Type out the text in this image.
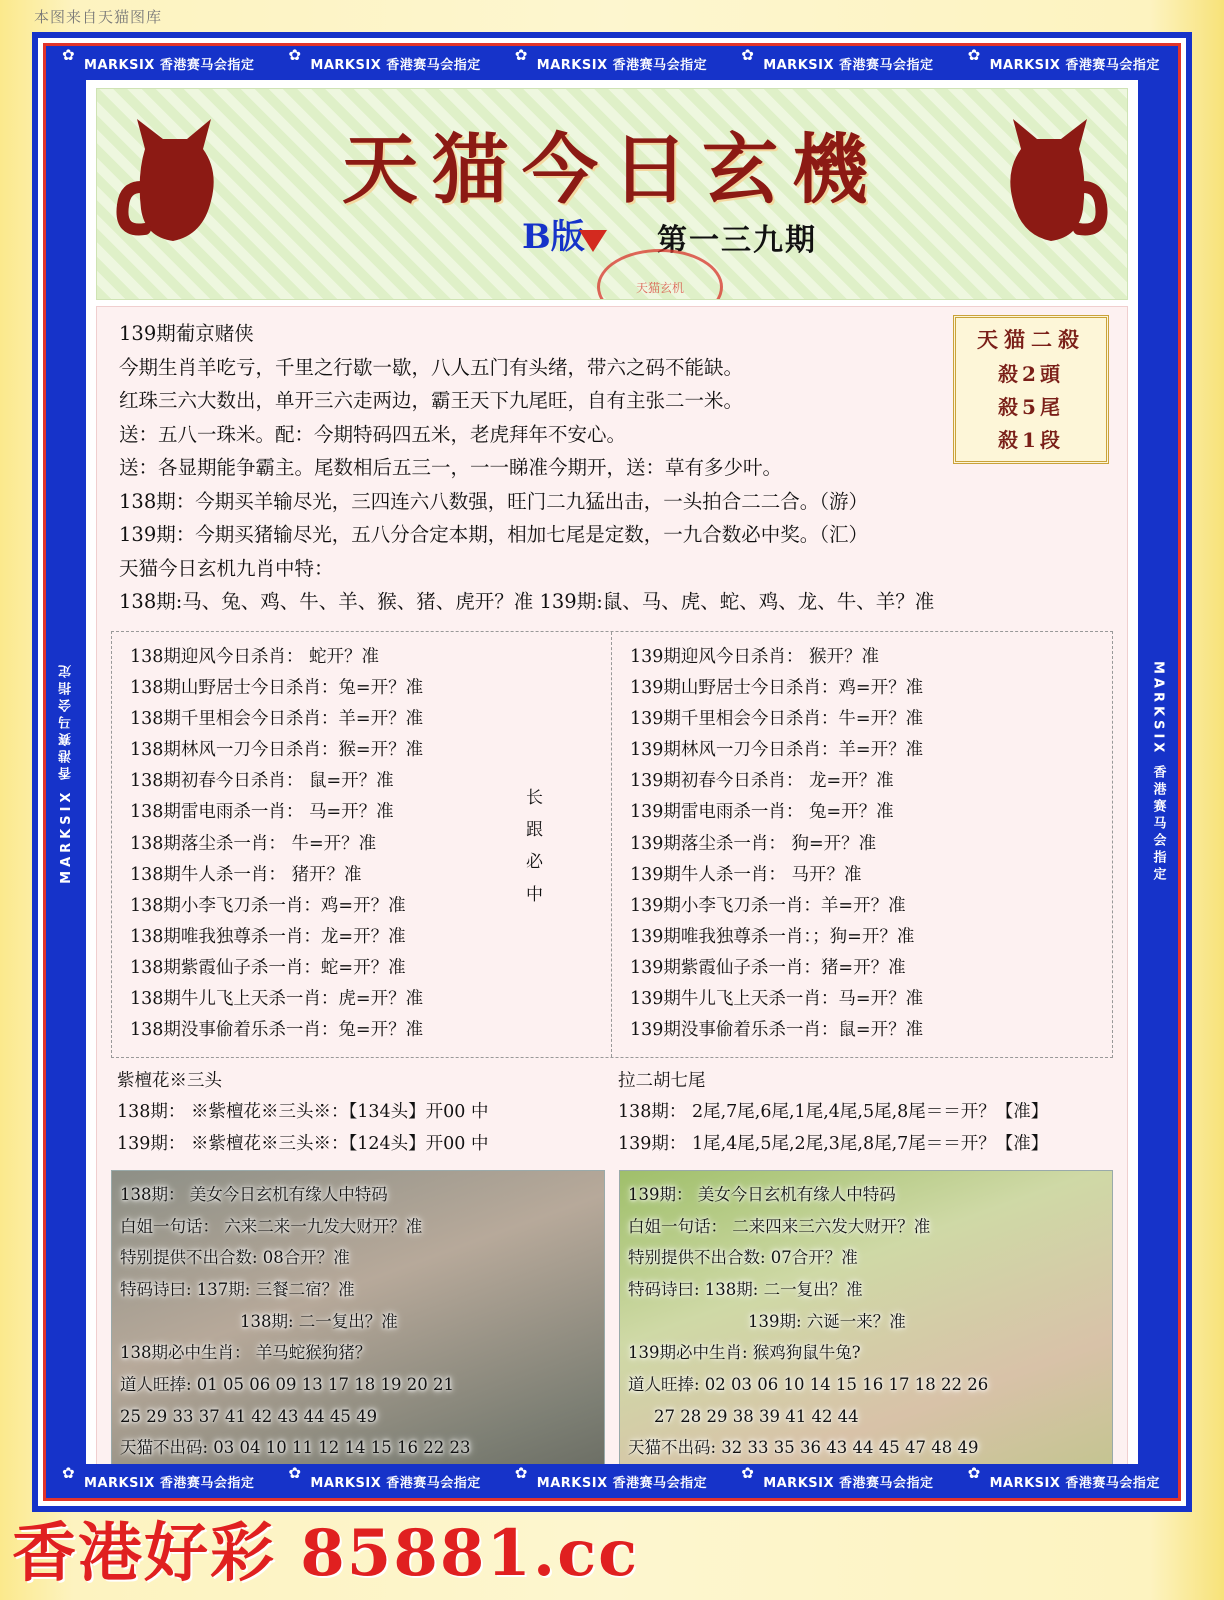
本图来自天猫图库
✿
MARKSIX 香港赛马会指定 ✿	MARKSIX 香港赛马会指定 ✿	MARKSIX 香港赛马会指定 ✿	MARKSIX 香港赛马会指定 ✿	MARKSIX 香港赛马会指定
✿
MARKSIX 香港赛马会指定 ✿	MARKSIX 香港赛马会指定 ✿	MARKSIX 香港赛马会指定 ✿	MARKSIX 香港赛马会指定 ✿	MARKSIX 香港赛马会指定
MARKSIX 香港赛马会指定	MARKSIX 香港赛马会指定
天猫今日玄機
B版	第一三九期
天猫玄机
天猫二殺
殺2頭
殺5尾
殺1段
139期葡京赌侠
今期生肖羊吃亏，千里之行歇一歇，八人五门有头绪，带六之码不能缺。
红珠三六大数出，单开三六走两边，霸王天下九尾旺，自有主张二一米。
送：五八一珠米。配：今期特码四五米，老虎拜年不安心。
送：各显期能争霸主。尾数相后五三一，一一睇准今期开，送：草有多少叶。
138期：今期买羊输尽光，三四连六八数强，旺门二九猛出击，一头拍合二二合。（游）
139期：今期买猪输尽光，五八分合定本期，相加七尾是定数，一九合数必中奖。（汇）
天猫今日玄机九肖中特：
138期:马、兔、鸡、牛、羊、猴、猪、虎开？准 139期:鼠、马、虎、蛇、鸡、龙、牛、羊？准
138期迎风今日杀肖： 蛇开？准
138期山野居士今日杀肖：兔=开？准
138期千里相会今日杀肖：羊=开？准
138期林风一刀今日杀肖：猴=开？准
138期初春今日杀肖： 鼠=开？准
138期雷电雨杀一肖： 马=开？准
138期落尘杀一肖： 牛=开？准
138期牛人杀一肖： 猪开？准
138期小李飞刀杀一肖：鸡=开？准
138期唯我独尊杀一肖：龙=开？准
138期紫霞仙子杀一肖：蛇=开？准
138期牛儿飞上天杀一肖：虎=开？准
138期没事偷着乐杀一肖：兔=开？准
139期迎风今日杀肖： 猴开？准
139期山野居士今日杀肖：鸡=开？准
139期千里相会今日杀肖：牛=开？准
139期林风一刀今日杀肖：羊=开？准
139期初春今日杀肖： 龙=开？准
139期雷电雨杀一肖： 兔=开？准
139期落尘杀一肖： 狗=开？准
139期牛人杀一肖： 马开？准
139期小李飞刀杀一肖：羊=开？准
139期唯我独尊杀一肖：；狗=开？准
139期紫霞仙子杀一肖：猪=开？准
139期牛儿飞上天杀一肖：马=开？准
139期没事偷着乐杀一肖：鼠=开？准
长
跟
必
中
紫檀花※三头
138期： ※紫檀花※三头※：【134头】开00 中
139期： ※紫檀花※三头※：【124头】开00 中
拉二胡七尾
138期： 2尾,7尾,6尾,1尾,4尾,5尾,8尾＝＝开？【准】
139期： 1尾,4尾,5尾,2尾,3尾,8尾,7尾＝＝开？【准】
138期： 美女今日玄机有缘人中特码
白姐一句话： 六来二来一九发大财开？准
特别提供不出合数: 08合开？准
特码诗曰: 137期: 三餐二宿？准
138期: 二一复出？准
138期必中生肖： 羊马蛇猴狗猪？
道人旺捧: 01 05 06 09 13 17 18 19 20 21
25 29 33 37 41 42 43 44 45 49
天猫不出码: 03 04 10 11 12 14 15 16 22 23
139期： 美女今日玄机有缘人中特码
白姐一句话： 二来四来三六发大财开？准
特别提供不出合数: 07合开？准
特码诗曰: 138期: 二一复出？准
139期: 六诞一来？准
139期必中生肖: 猴鸡狗鼠牛兔?
道人旺捧: 02 03 06 10 14 15 16 17 18 22 26
27 28 29 38 39 41 42 44
天猫不出码: 32 33 35 36 43 44 45 47 48 49
香港好彩 85881.cc
